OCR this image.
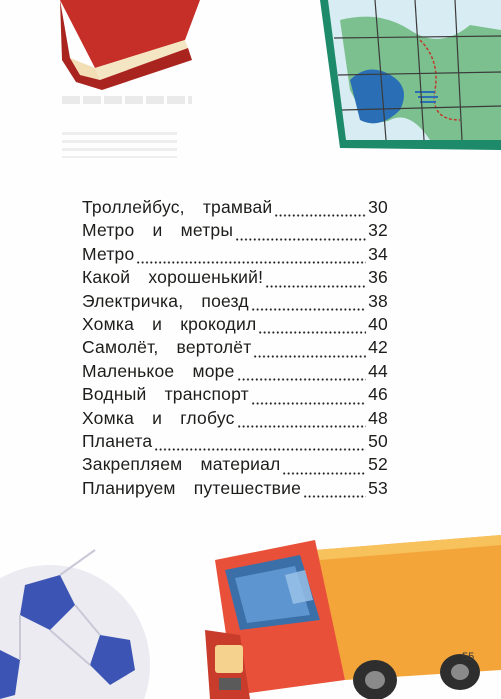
Троллейбус,  трамвай	30
Метро  и  метры	32
Метро	34
Какой  хорошенький!	36
Электричка,  поезд	38
Хомка  и  крокодил	40
Самолёт,  вертолёт	42
Маленькое  море	44
Водный  транспорт	46
Хомка  и  глобус	48
Планета	50
Закрепляем  материал	52
Планируем  путешествие	53
55
